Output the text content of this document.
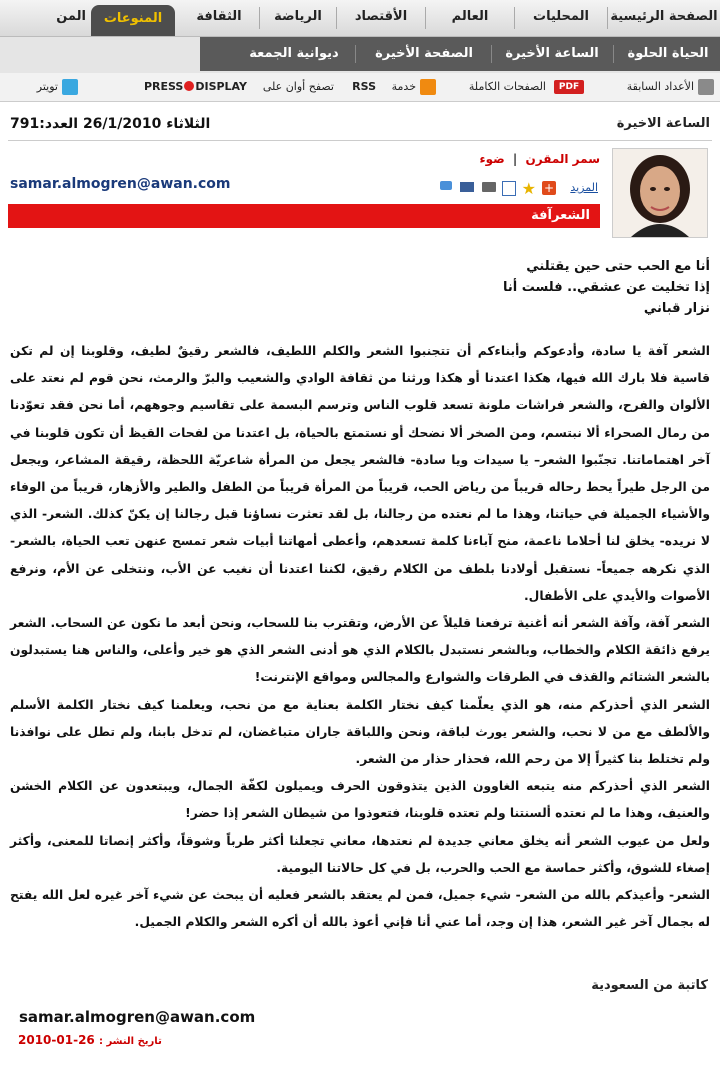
الصفحة الرئيسية
المحليات
العالم
الأقتصاد
الرياضة
الثقافة
المنوعات
المن
الحياة الحلوة
الساعة الأخيرة
الصفحة الأخيرة
ديوانية الجمعة
الأعداد السابقة
PDF
الصفحات الكاملة
خدمة
RSS
تصفح أوان على
PRESS DISPLAY
تويتر
الساعة الاخيرة
الثلاثاء 26/1/2010 العدد:791
سمر المقرن | ضوء
samar.almogren@awan.com	المزيد
+
★
الشعرآفة
أنا مع الحب حتى حين يقتلني
إذا تخليت عن عشقي.. فلست أنا
نزار قباني

الشعر آفة يا سادة، وأدعوكم وأبناءكم أن تتجنبوا الشعر والكلم اللطيف، فالشعر رقيقٌ لطيف، وقلوبنا إن لم تكن قاسية فلا بارك الله فيها، هكذا اعتدنا أو هكذا ورثنا من ثقافة الوادي والشعيب والبرّ والرمث، نحن قوم لم نعتد على الألوان والفرح، والشعر فراشات ملونة تسعد قلوب الناس وترسم البسمة على تقاسيم وجوههم، أما نحن فقد تعوّدنا من رمال الصحراء ألا نبتسم، ومن الصخر ألا نضحك أو نستمتع بالحياة، بل اعتدنا من لفحات القيظ أن تكون قلوبنا في آخر اهتماماتنا. تجنّبوا الشعر– يا سيدات ويا سادة- فالشعر يجعل من المرأة شاعريّة اللحظة، رقيقة المشاعر، ويجعل من الرجل طيراً يحط رحاله قريباً من رياض الحب، قريباً من المرأة قريباً من الطفل والطير والأزهار، قريباً من الوفاء والأشياء الجميلة في حياتنا، وهذا ما لم نعتده من رجالنا، بل لقد تعثرت نساؤنا قبل رجالنا إن يكنّ كذلك. الشعر- الذي لا نريده- يخلق لنا أحلاما ناعمة، منح آباءنا كلمة تسعدهم، وأعطى أمهاتنا أبيات شعر تمسح عنهن تعب الحياة، بالشعر- الذي نكرهه جميعاً- نستقبل أولادنا بلطف من الكلام رقيق، لكننا اعتدنا أن نغيب عن الأب، ونتخلى عن الأم، ونرفع الأصوات والأيدي على الأطفال.

الشعر آفة، وآفة الشعر أنه أغنية ترفعنا قليلاً عن الأرض، وتقترب بنا للسحاب، ونحن أبعد ما نكون عن السحاب. الشعر يرفع ذائقة الكلام والخطاب، وبالشعر نستبدل بالكلام الذي هو أدنى الشعر الذي هو خير وأعلى، والناس هنا يستبدلون بالشعر الشتائم والقذف في الطرقات والشوارع والمجالس ومواقع الإنترنت!

الشعر الذي أحذركم منه، هو الذي يعلّمنا كيف نختار الكلمة بعناية مع من نحب، ويعلمنا كيف نختار الكلمة الأسلم والألطف مع من لا نحب، والشعر يورث لباقة، ونحن واللباقة جاران متباغضان، لم تدخل بابنا، ولم تطل على نوافذنا ولم تختلط بنا كثيراً إلا من رحم الله، فحذار حذار من الشعر.

الشعر الذي أحذركم منه يتبعه الغاوون الذين يتذوقون الحرف ويميلون لكفّة الجمال، ويبتعدون عن الكلام الخشن والعنيف، وهذا ما لم نعتده ألسنتنا ولم تعتده قلوبنا، فتعوذوا من شيطان الشعر إذا حضر!

ولعل من عيوب الشعر أنه يخلق معاني جديدة لم نعتدها، معاني تجعلنا أكثر طرباً وشوقاً، وأكثر إنصاتا للمعنى، وأكثر إصغاء للشوق، وأكثر حماسة مع الحب والحرب، بل في كل حالاتنا اليومية.

الشعر- وأعيذكم بالله من الشعر- شيء جميل، فمن لم يعتقد بالشعر فعليه أن يبحث عن شيء آخر غيره لعل الله يفتح له بجمال آخر غير الشعر، هذا إن وجد، أما عني أنا فإني أعوذ بالله أن أكره الشعر والكلام الجميل.

كاتبة من السعودية
samar.almogren@awan.com
تاريخ النشر : 26-01-2010
